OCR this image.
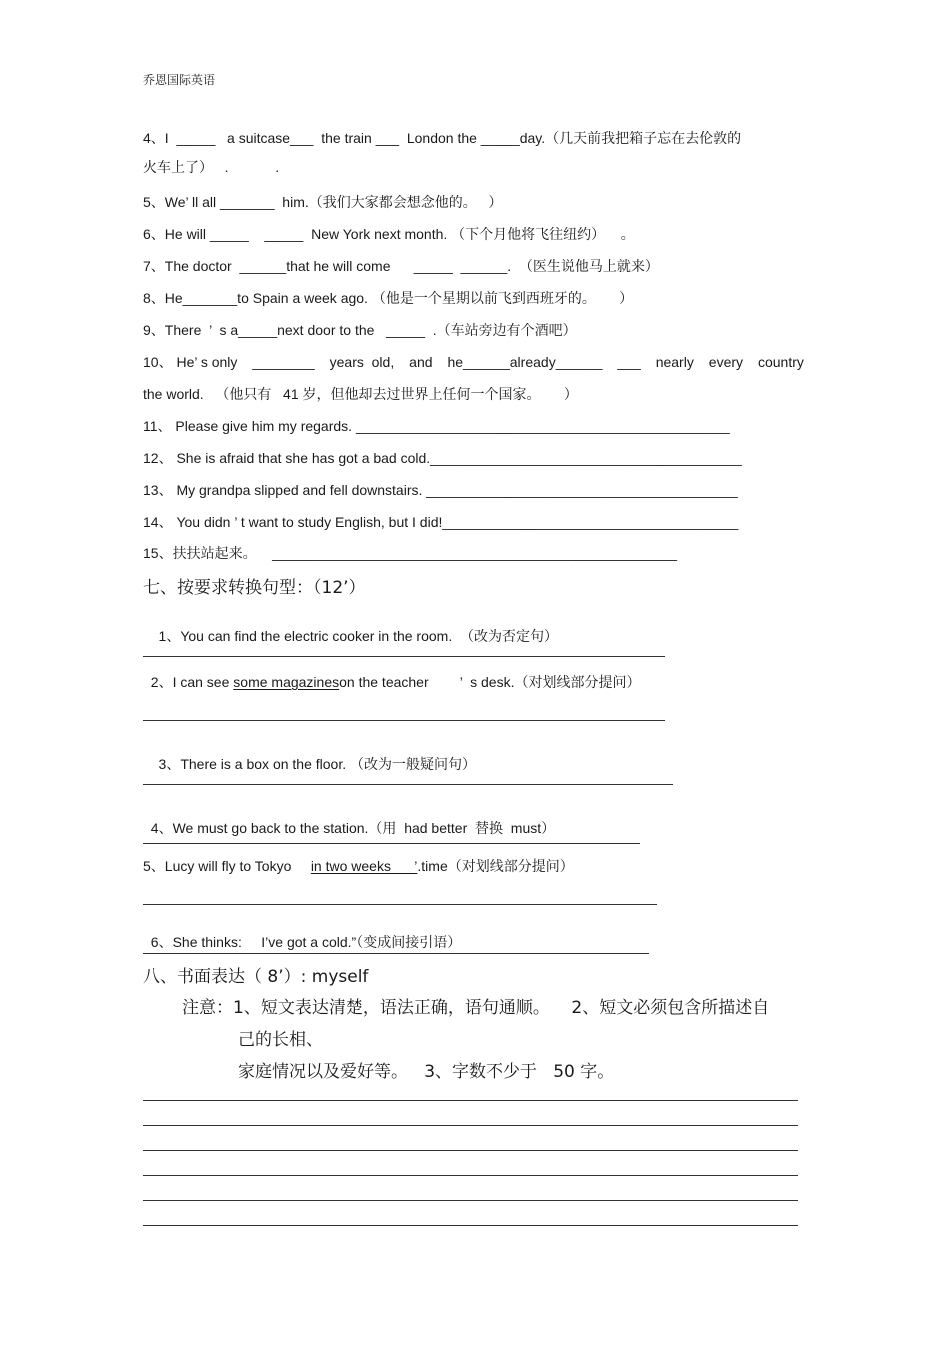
乔恩国际英语
4、I  _____   a suitcase___  the train ___  London the _____day.（几天前我把箱子忘在去伦敦的
火车上了）   .            .
5、We’ ll all _______  him.（我们大家都会想念他的。   ）
6、He will _____    _____  New York next month. （下个月他将飞往纽约）    。
7、The doctor  ______that he will come      _____  ______.  （医生说他马上就来）
8、He_______to Spain a week ago. （他是一个星期以前飞到西班牙的。      ）
9、There  ’  s a_____next door to the   _____  .（车站旁边有个酒吧）
10、 He’ s only ________ years  old, and he______already______ ___ nearly every country
the world.   （他只有   41 岁，但他却去过世界上任何一个国家。      ）
11、 Please give him my regards. ________________________________________________
12、 She is afraid that she has got a bad cold.________________________________________
13、 My grandpa slipped and fell downstairs. ________________________________________
14、 You didn ’ t want to study English, but I did!______________________________________
15、扶扶站起来。    ____________________________________________________
七、按要求转换句型：（12’）

1、You can find the electric cooker in the room.  （改为否定句）

2、I can see some magazineson the teacher        ’  s desk.（对划线部分提问）

3、There is a box on the floor. （改为一般疑问句）

4、We must go back to the station.（用  had better  替换  must）

5、Lucy will fly to Tokyo     in two weeks      ’.time（对划线部分提问）

6、She thinks:     I’ve got a cold.”（变成间接引语）

八、书面表达（ 8’）: myself
注意：1、短文表达清楚，语法正确，语句通顺。    2、短文必须包含所描述自
己的长相、
家庭情况以及爱好等。   3、字数不少于   50 字。
